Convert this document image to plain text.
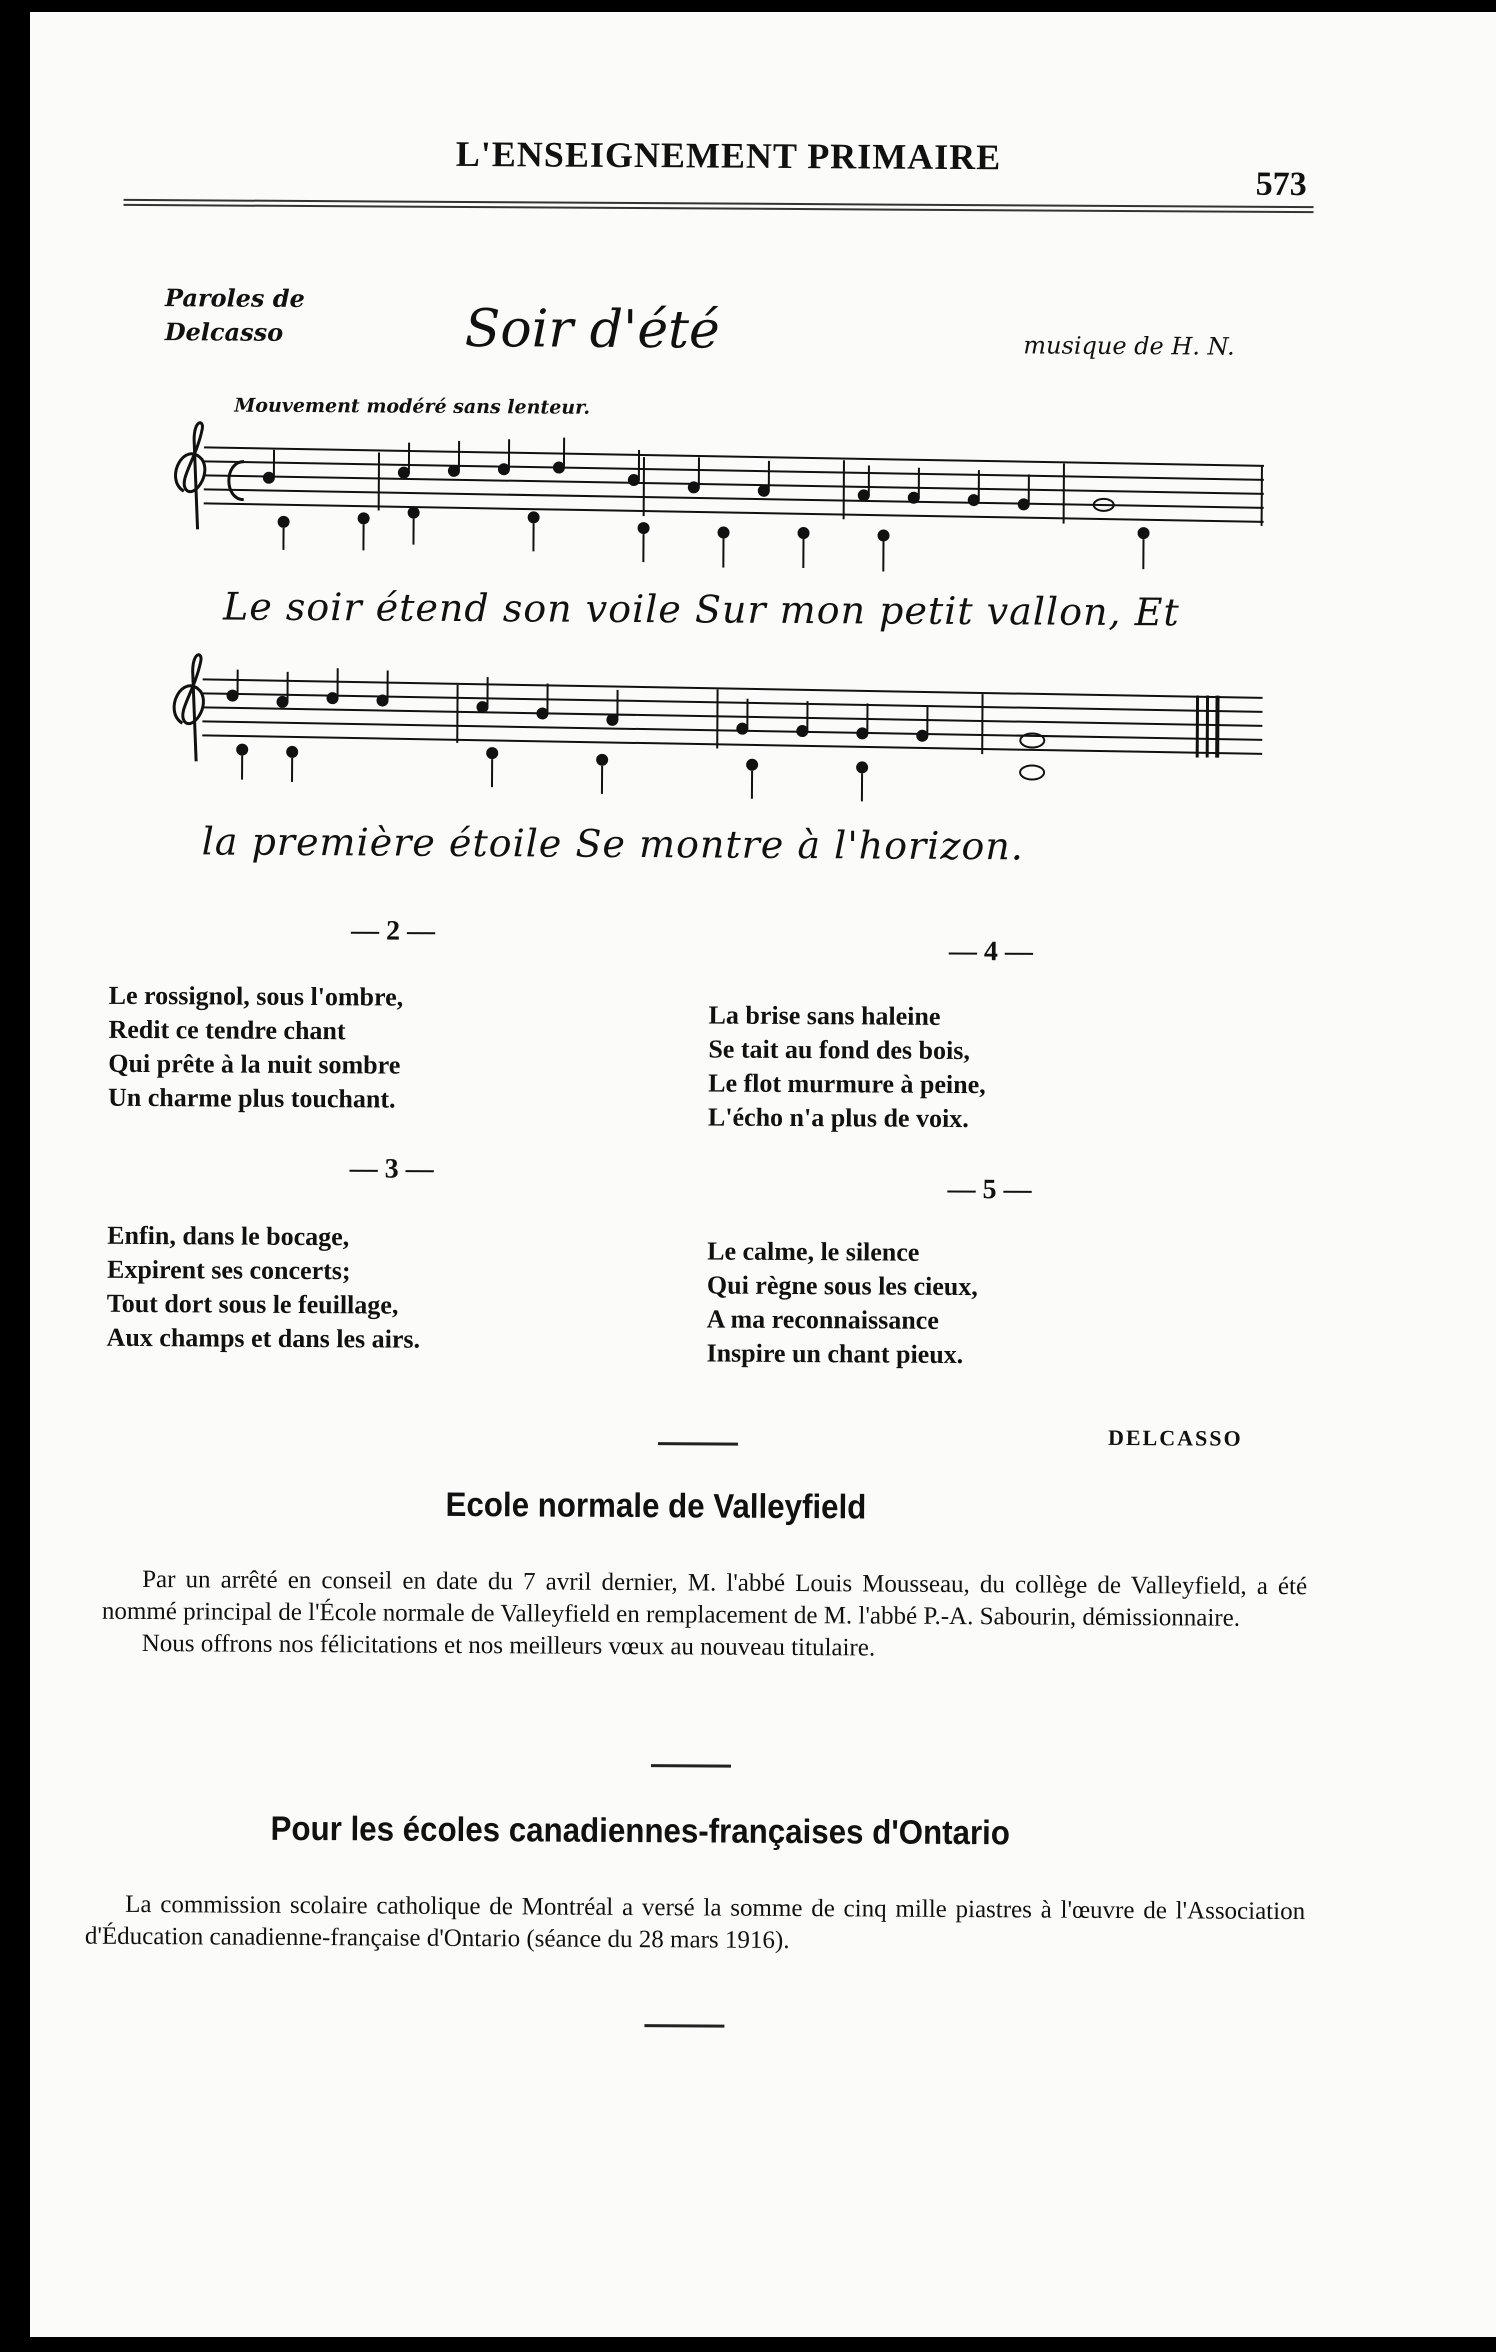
L'ENSEIGNEMENT PRIMAIRE
573
Paroles de Delcasso	Soir d'été	musique de H. N.
Mouvement modéré sans lenteur.
Le soir étend son voile Sur mon petit vallon, Et
la première étoile Se montre à l'horizon.
— 2 —
Le rossignol, sous l'ombre,
Redit ce tendre chant
Qui prête à la nuit sombre
Un charme plus touchant.
— 3 —
Enfin, dans le bocage,
Expirent ses concerts;
Tout dort sous le feuillage,
Aux champs et dans les airs.
— 4 —
La brise sans haleine
Se tait au fond des bois,
Le flot murmure à peine,
L'écho n'a plus de voix.
— 5 —
Le calme, le silence
Qui règne sous les cieux,
A ma reconnaissance
Inspire un chant pieux.
DELCASSO
Ecole normale de Valleyfield

Par un arrêté en conseil en date du 7 avril dernier, M. l'abbé Louis Mousseau, du collège de Valleyfield, a été nommé principal de l'École normale de Valleyfield en remplacement de M. l'abbé P.-A. Sabourin, démissionnaire.

Nous offrons nos félicitations et nos meilleurs vœux au nouveau titulaire.

Pour les écoles canadiennes-françaises d'Ontario

La commission scolaire catholique de Montréal a versé la somme de cinq mille piastres à l'œuvre de l'Association d'Éducation canadienne-française d'Ontario (séance du 28 mars 1916).
